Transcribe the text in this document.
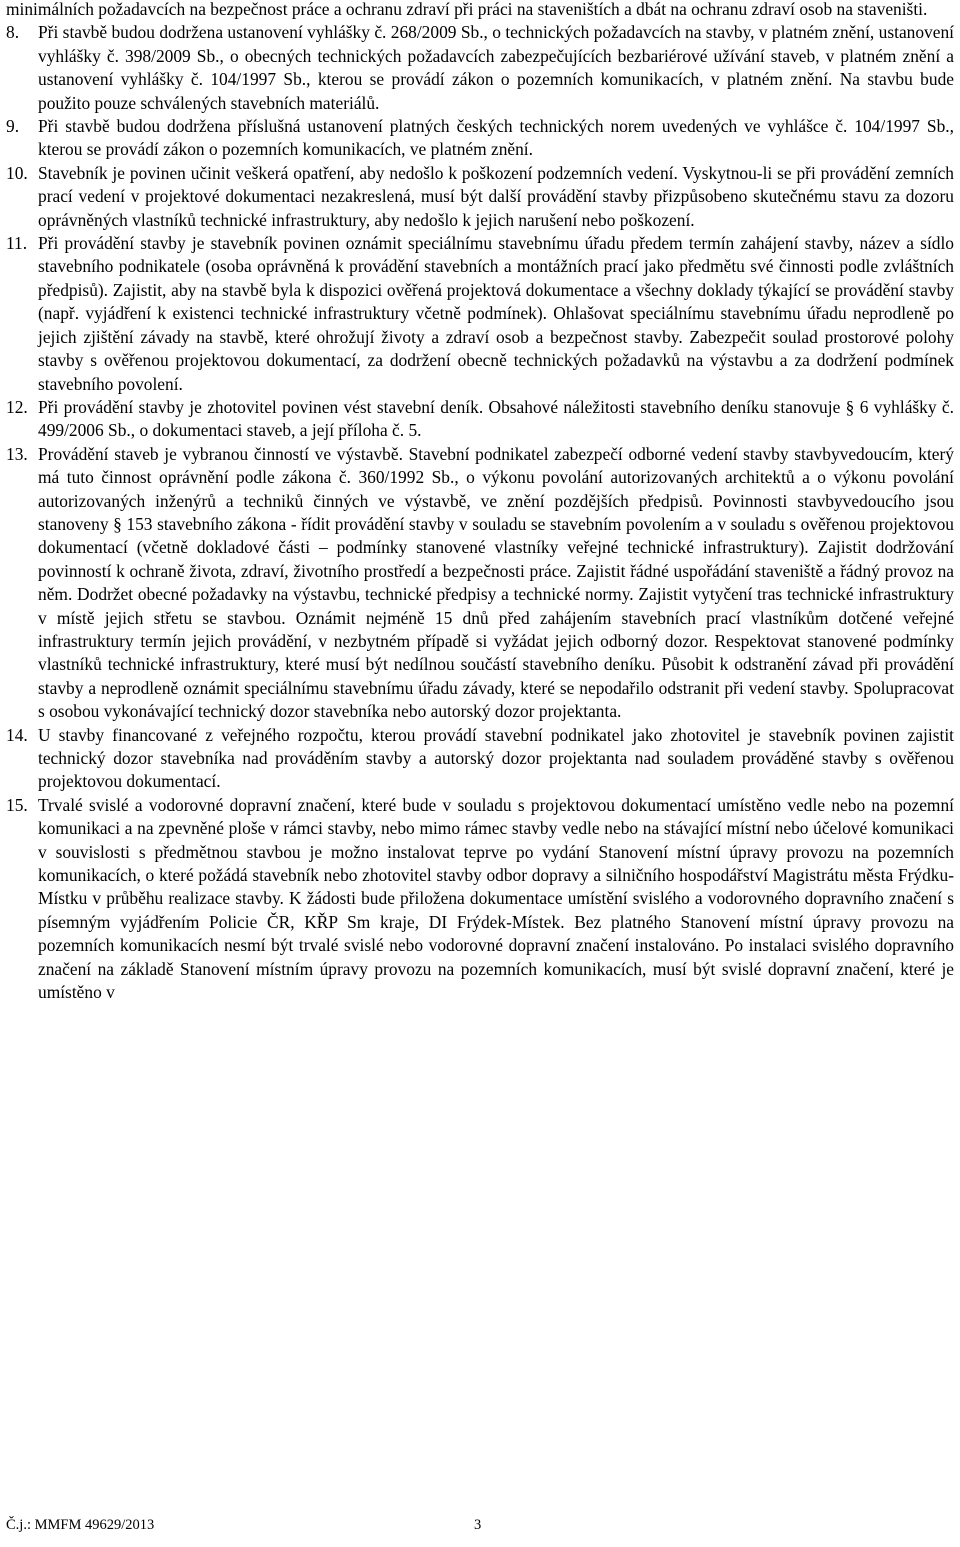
minimálních požadavcích na bezpečnost práce a ochranu zdraví při práci na staveništích a dbát na ochranu zdraví osob na staveništi.

8.	Při stavbě budou dodržena ustanovení vyhlášky č. 268/2009 Sb., o technických požadavcích na stavby, v platném znění, ustanovení vyhlášky č. 398/2009 Sb., o obecných technických požadavcích zabezpečujících bezbariérové užívání staveb, v platném znění a ustanovení vyhlášky č. 104/1997 Sb., kterou se provádí zákon o pozemních komunikacích, v platném znění. Na stavbu bude použito pouze schválených stavebních materiálů.
9.	Při stavbě budou dodržena příslušná ustanovení platných českých technických norem uvedených ve vyhlášce č. 104/1997 Sb., kterou se provádí zákon o pozemních komunikacích, ve platném znění.
10. Stavebník je povinen učinit veškerá opatření, aby nedošlo k poškození podzemních vedení. Vyskytnou-li se při provádění zemních prací vedení v projektové dokumentaci nezakreslená, musí být další provádění stavby přizpůsobeno skutečnému stavu za dozoru oprávněných vlastníků technické infrastruktury, aby nedošlo k jejich narušení nebo poškození.
11. Při provádění stavby je stavebník povinen oznámit speciálnímu stavebnímu úřadu předem termín zahájení stavby, název a sídlo stavebního podnikatele (osoba oprávněná k provádění stavebních a montážních prací jako předmětu své činnosti podle zvláštních předpisů). Zajistit, aby na stavbě byla k dispozici ověřená projektová dokumentace a všechny doklady týkající se provádění stavby (např. vyjádření k existenci technické infrastruktury včetně podmínek). Ohlašovat speciálnímu stavebnímu úřadu neprodleně po jejich zjištění závady na stavbě, které ohrožují životy a zdraví osob a bezpečnost stavby. Zabezpečit soulad prostorové polohy stavby s ověřenou projektovou dokumentací, za dodržení obecně technických požadavků na výstavbu a za dodržení podmínek stavebního povolení.
12. Při provádění stavby je zhotovitel povinen vést stavební deník. Obsahové náležitosti stavebního deníku stanovuje § 6 vyhlášky č. 499/2006 Sb., o dokumentaci staveb, a její příloha č. 5.
13. Provádění staveb je vybranou činností ve výstavbě. Stavební podnikatel zabezpečí odborné vedení stavby stavbyvedoucím, který má tuto činnost oprávnění podle zákona č. 360/1992 Sb., o výkonu povolání autorizovaných architektů a o výkonu povolání autorizovaných inženýrů a techniků činných ve výstavbě, ve znění pozdějších předpisů. Povinnosti stavbyvedoucího jsou stanoveny § 153 stavebního zákona - řídit provádění stavby v souladu se stavebním povolením a v souladu s ověřenou projektovou dokumentací (včetně dokladové části – podmínky stanovené vlastníky veřejné technické infrastruktury). Zajistit dodržování povinností k ochraně života, zdraví, životního prostředí a bezpečnosti práce. Zajistit řádné uspořádání staveniště a řádný provoz na něm. Dodržet obecné požadavky na výstavbu, technické předpisy a technické normy. Zajistit vytyčení tras technické infrastruktury v místě jejich střetu se stavbou. Oznámit nejméně 15 dnů před zahájením stavebních prací vlastníkům dotčené veřejné infrastruktury termín jejich provádění, v nezbytném případě si vyžádat jejich odborný dozor. Respektovat stanovené podmínky vlastníků technické infrastruktury, které musí být nedílnou součástí stavebního deníku. Působit k odstranění závad při provádění stavby a neprodleně oznámit speciálnímu stavebnímu úřadu závady, které se nepodařilo odstranit při vedení stavby. Spolupracovat s osobou vykonávající technický dozor stavebníka nebo autorský dozor projektanta.
14. U stavby financované z veřejného rozpočtu, kterou provádí stavební podnikatel jako zhotovitel je stavebník povinen zajistit technický dozor stavebníka nad prováděním stavby a autorský dozor projektanta nad souladem prováděné stavby s ověřenou projektovou dokumentací.
15. Trvalé svislé a vodorovné dopravní značení, které bude v souladu s projektovou dokumentací umístěno vedle nebo na pozemní komunikaci a na zpevněné ploše v rámci stavby, nebo mimo rámec stavby vedle nebo na stávající místní nebo účelové komunikaci v souvislosti s předmětnou stavbou je možno instalovat teprve po vydání Stanovení místní úpravy provozu na pozemních komunikacích, o které požádá stavebník nebo zhotovitel stavby odbor dopravy a silničního hospodářství Magistrátu města Frýdku-Místku v průběhu realizace stavby. K žádosti bude přiložena dokumentace umístění svislého a vodorovného dopravního značení s písemným vyjádřením Policie ČR, KŘP Sm kraje, DI Frýdek-Místek. Bez platného Stanovení místní úpravy provozu na pozemních komunikacích nesmí být trvalé svislé nebo vodorovné dopravní značení instalováno. Po instalaci svislého dopravního značení na základě Stanovení místním úpravy provozu na pozemních komunikacích, musí být svislé dopravní značení, které je umístěno v
Č.j.: MMFM 49629/2013	3
